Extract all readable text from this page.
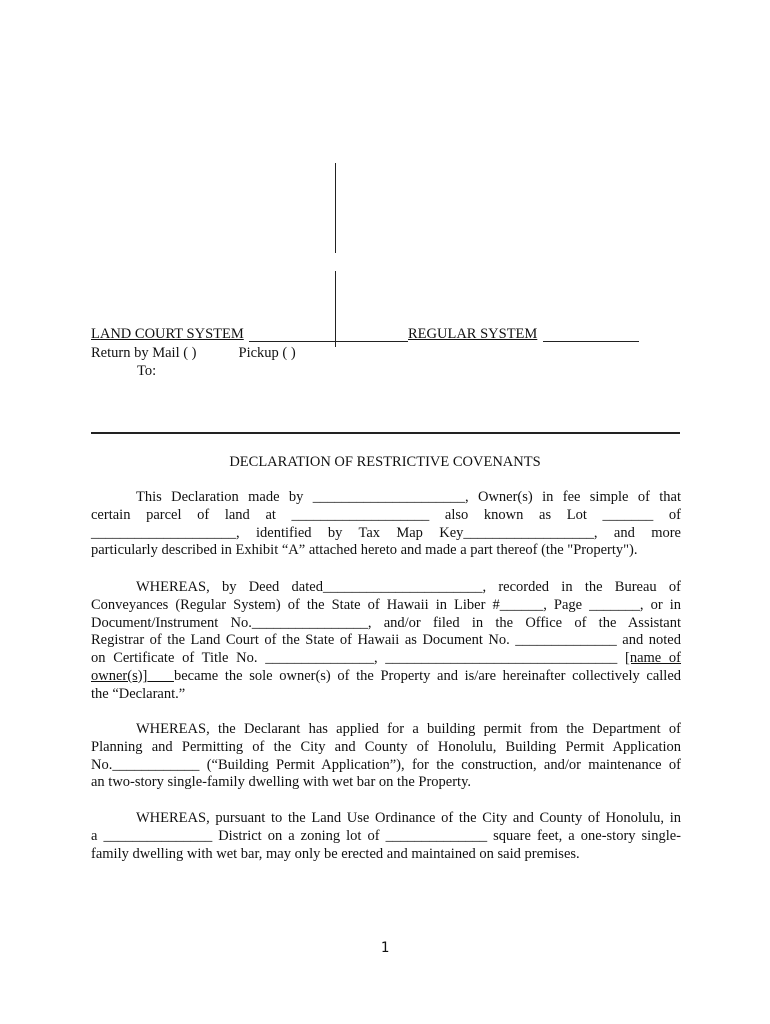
LAND COURT SYSTEM	REGULAR SYSTEM
Return by Mail ( )	Pickup ( )
To:
DECLARATION OF RESTRICTIVE COVENANTS
This Declaration made by _____________________, Owner(s) in fee simple of that
certain parcel of land at ___________________ also known as Lot _______ of
____________________, identified by Tax Map Key__________________, and more
particularly described in Exhibit “A” attached hereto and made a part thereof (the "Property").
WHEREAS, by Deed dated______________________, recorded in the Bureau of
Conveyances (Regular System) of the State of Hawaii in Liber #______, Page _______, or in
Document/Instrument No.________________, and/or filed in the Office of the Assistant
Registrar of the Land Court of the State of Hawaii as Document No. ______________ and noted
on Certificate of Title No. _______________, ________________________________ [name of
owner(s)] became the sole owner(s) of the Property and is/are hereinafter collectively called
the “Declarant.”
WHEREAS, the Declarant has applied for a building permit from the Department of
Planning and Permitting of the City and County of Honolulu, Building Permit Application
No.____________ (“Building Permit Application”), for the construction, and/or maintenance of
an two-story single-family dwelling with wet bar on the Property.
WHEREAS, pursuant to the Land Use Ordinance of the City and County of Honolulu, in
a _______________ District on a zoning lot of ______________ square feet, a one-story single-
family dwelling with wet bar, may only be erected and maintained on said premises.
1
